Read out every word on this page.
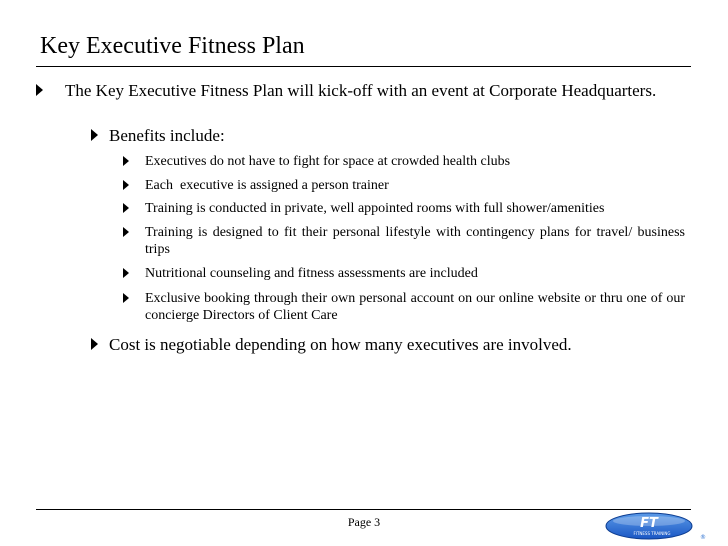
Key Executive Fitness Plan
The Key Executive Fitness Plan will kick-off with an event at Corporate Headquarters.
Benefits include:
Executives do not have to fight for space at crowded health clubs
Each  executive is assigned a person trainer
Training is conducted in private, well appointed rooms with full shower/amenities
Training is designed to fit their personal lifestyle with contingency plans for travel/ business trips
Nutritional counseling and fitness assessments are included
Exclusive booking through their own personal account on our online website or thru one of our concierge Directors of Client Care
Cost is negotiable depending on how many executives are involved.
Page 3	FT
FITNESS TRAINING
®
